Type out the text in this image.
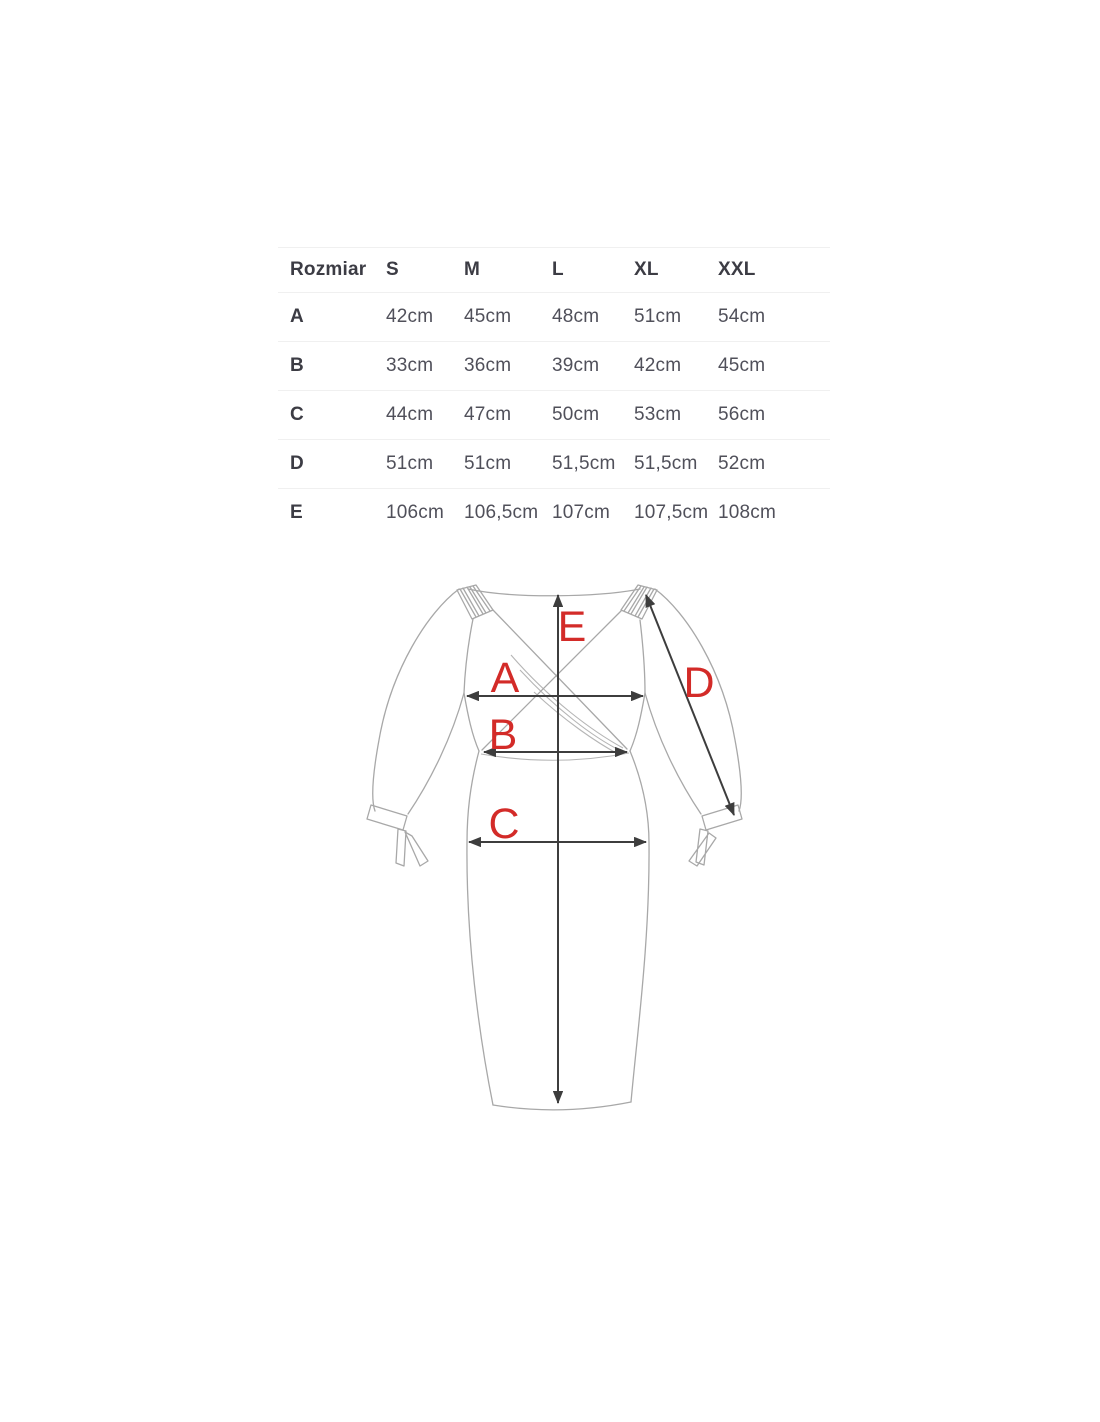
Rozmiar	S	M	L	XL	XXL
A	42cm	45cm	48cm	51cm	54cm
B	33cm	36cm	39cm	42cm	45cm
C	44cm	47cm	50cm	53cm	56cm
D	51cm	51cm	51,5cm	51,5cm	52cm
E	106cm	106,5cm	107cm	107,5cm	108cm
A
B
C
D
E
